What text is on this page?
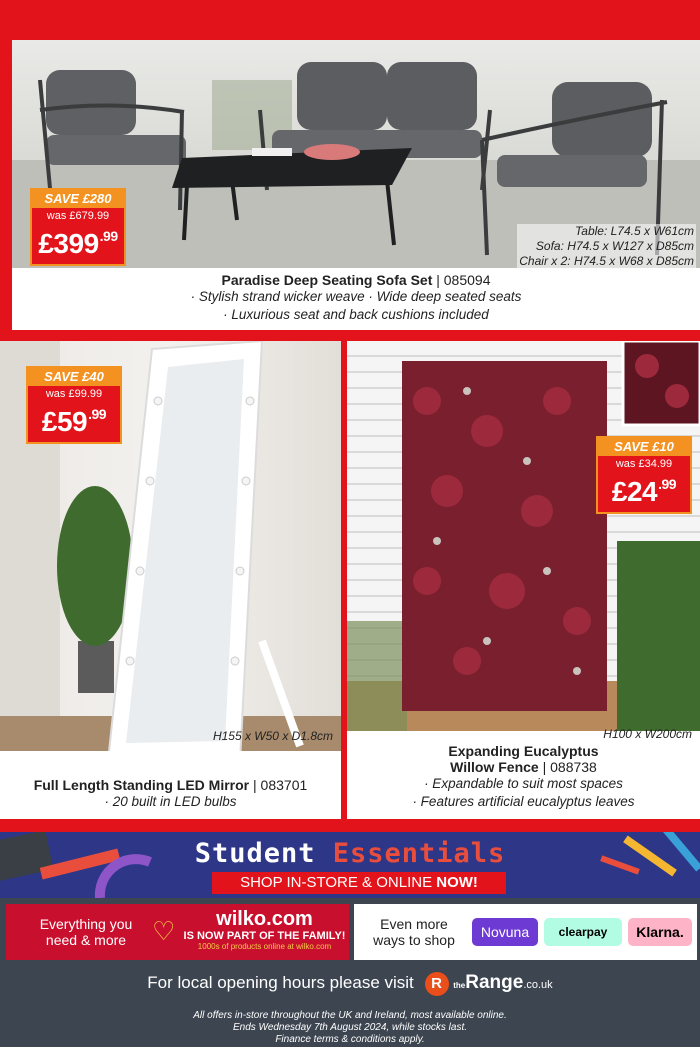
Table: L74.5 x W61cm
Sofa: H74.5 x W127 x D85cm
Chair x 2: H74.5 x W68 x D85cm
Paradise Deep Seating Sofa Set | 085094
· Stylish strand wicker weave · Wide deep seated seats
· Luxurious seat and back cushions included
SAVE £280
was £679.99
$£399^{.99}$
H155 x W50 x D1.8cm
Full Length Standing LED Mirror | 083701
· 20 built in LED bulbs
SAVE £40
was £99.99
$£59^{.99}$
H100 x W200cm
Expanding Eucalyptus
Willow Fence | 088738
· Expandable to suit most spaces
· Features artificial eucalyptus leaves
SAVE £10
was £34.99
$£24^{.99}$
Student Essentials
SHOP IN-STORE & ONLINE NOW!
Everything you
need & more ♡	wilko.com
IS NOW PART OF THE FAMILY!
1000s of products online at wilko.com
Even more
ways to shop	Novuna	clearpay	Klarna.
For local opening hours please visit R theRange.co.uk
All offers in-store throughout the UK and Ireland, most available online.
Ends Wednesday 7th August 2024, while stocks last.
Finance terms & conditions apply.
